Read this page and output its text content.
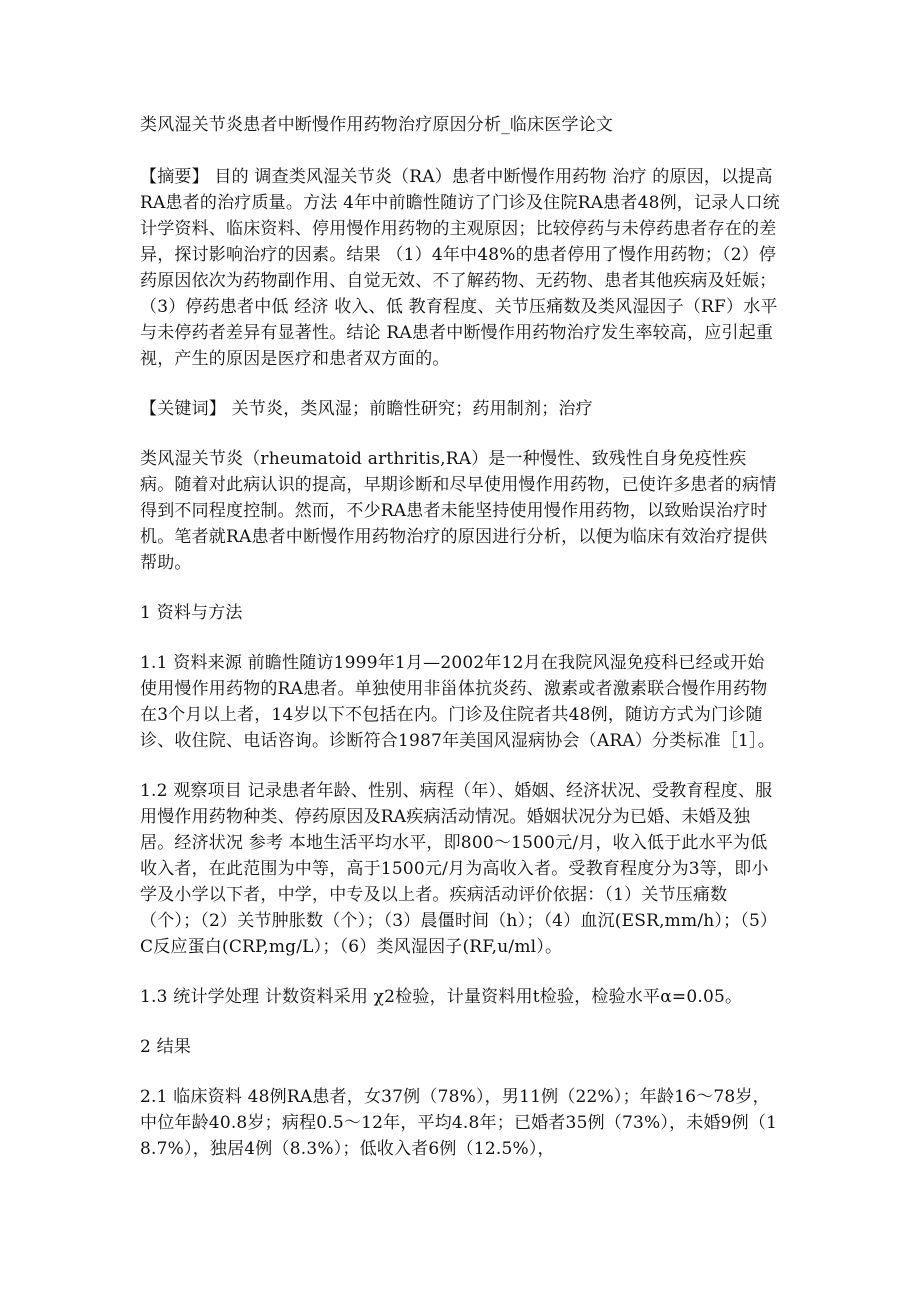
类风湿关节炎患者中断慢作用药物治疗原因分析_临床医学论文

【摘要】 目的 调查类风湿关节炎（RA）患者中断慢作用药物 治疗 的原因，以提高RA患者的治疗质量。方法 4年中前瞻性随访了门诊及住院RA患者48例，记录人口统计学资料、临床资料、停用慢作用药物的主观原因；比较停药与未停药患者存在的差异，探讨影响治疗的因素。结果 （1）4年中48%的患者停用了慢作用药物；（2）停药原因依次为药物副作用、自觉无效、不了解药物、无药物、患者其他疾病及妊娠；（3）停药患者中低 经济 收入、低 教育程度、关节压痛数及类风湿因子（RF）水平与未停药者差异有显著性。结论 RA患者中断慢作用药物治疗发生率较高，应引起重视，产生的原因是医疗和患者双方面的。

【关键词】 关节炎，类风湿；前瞻性研究；药用制剂；治疗

类风湿关节炎（rheumatoid arthritis,RA）是一种慢性、致残性自身免疫性疾病。随着对此病认识的提高，早期诊断和尽早使用慢作用药物，已使许多患者的病情得到不同程度控制。然而，不少RA患者未能坚持使用慢作用药物，以致贻误治疗时机。笔者就RA患者中断慢作用药物治疗的原因进行分析，以便为临床有效治疗提供帮助。

1 资料与方法

1.1 资料来源 前瞻性随访1999年1月—2002年12月在我院风湿免疫科已经或开始使用慢作用药物的RA患者。单独使用非甾体抗炎药、激素或者激素联合慢作用药物在3个月以上者，14岁以下不包括在内。门诊及住院者共48例，随访方式为门诊随诊、收住院、电话咨询。诊断符合1987年美国风湿病协会（ARA）分类标准［1］。

1.2 观察项目 记录患者年龄、性别、病程（年）、婚姻、经济状况、受教育程度、服用慢作用药物种类、停药原因及RA疾病活动情况。婚姻状况分为已婚、未婚及独居。经济状况 参考 本地生活平均水平，即800～1500元/月，收入低于此水平为低收入者，在此范围为中等，高于1500元/月为高收入者。受教育程度分为3等，即小学及小学以下者，中学，中专及以上者。疾病活动评价依据：（1）关节压痛数（个）；（2）关节肿胀数（个）；（3）晨僵时间（h）；（4）血沉(ESR,mm/h）；（5）C反应蛋白(CRP,mg/L）；（6）类风湿因子(RF,u/ml）。

1.3 统计学处理 计数资料采用 χ2检验，计量资料用t检验，检验水平α=0.05。

2 结果

2.1 临床资料 48例RA患者，女37例（78%），男11例（22%）；年龄16～78岁，中位年龄40.8岁；病程0.5～12年，平均4.8年；已婚者35例（73%），未婚9例（18.7%），独居4例（8.3%）；低收入者6例（12.5%），
